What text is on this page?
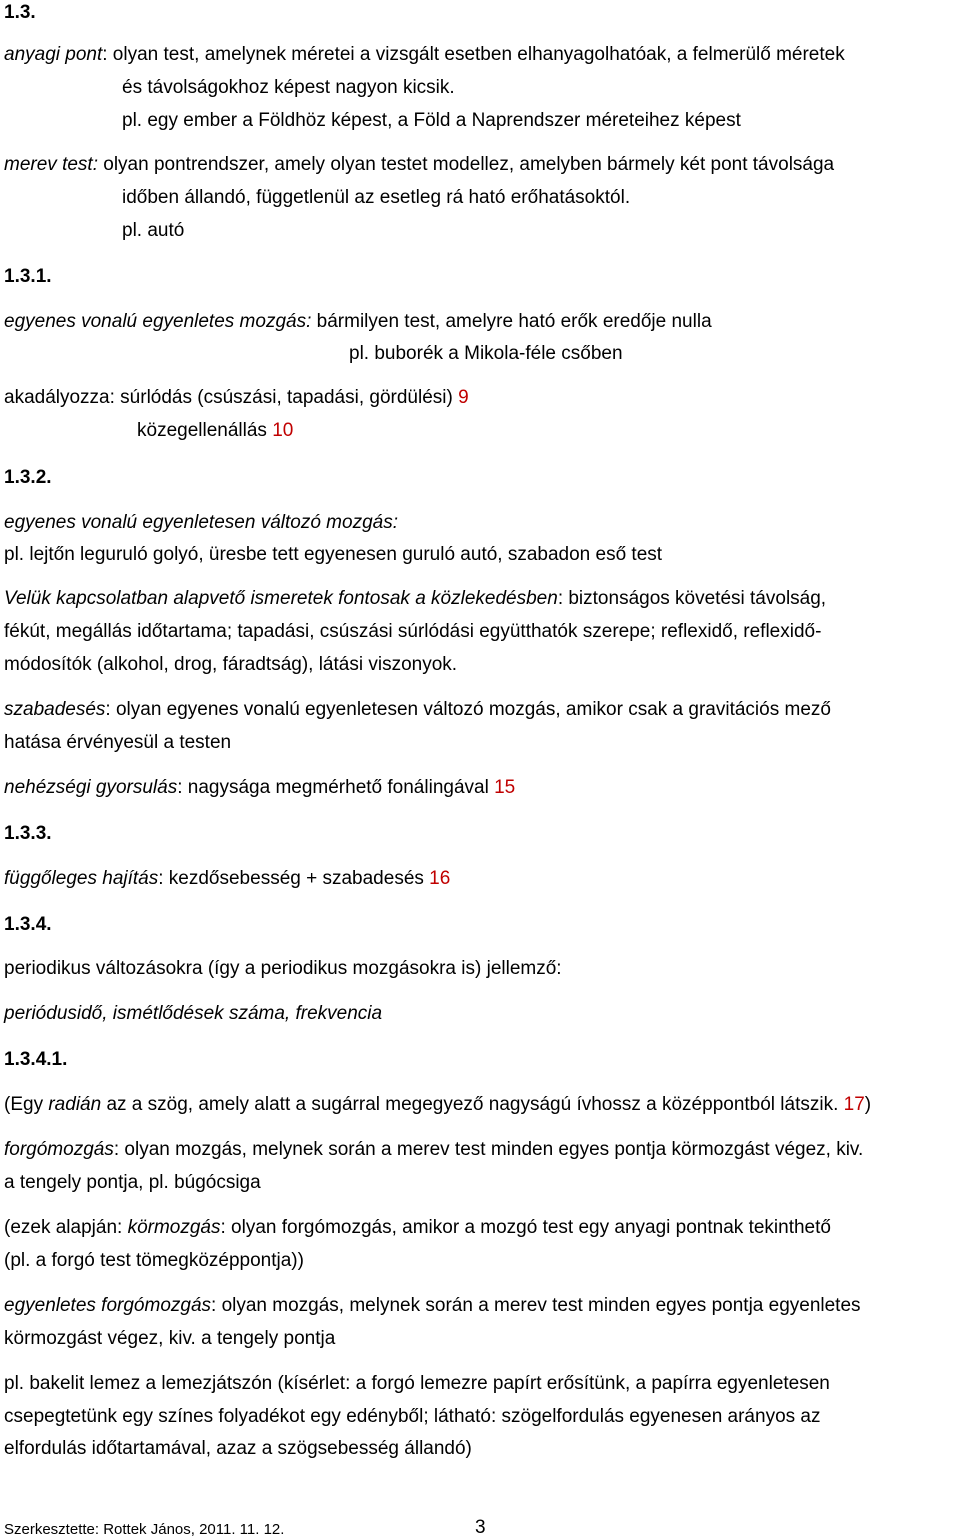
1.3.
anyagi pont: olyan test, amelynek méretei a vizsgált esetben elhanyagolhatóak, a felmerülő méretek
és távolságokhoz képest nagyon kicsik.
pl. egy ember a Földhöz képest, a Föld a Naprendszer méreteihez képest
merev test: olyan pontrendszer, amely olyan testet modellez, amelyben bármely két pont távolsága
időben állandó, függetlenül az esetleg rá ható erőhatásoktól.
pl. autó
1.3.1.
egyenes vonalú egyenletes mozgás: bármilyen test, amelyre ható erők eredője nulla
pl. buborék a Mikola-féle csőben
akadályozza: súrlódás (csúszási, tapadási, gördülési) 9
közegellenállás 10
1.3.2.
egyenes vonalú egyenletesen változó mozgás:
pl. lejtőn leguruló golyó, üresbe tett egyenesen guruló autó, szabadon eső test
Velük kapcsolatban alapvető ismeretek fontosak a közlekedésben: biztonságos követési távolság,
fékút, megállás időtartama; tapadási, csúszási súrlódási együtthatók szerepe; reflexidő, reflexidő-
módosítók (alkohol, drog, fáradtság), látási viszonyok.
szabadesés: olyan egyenes vonalú egyenletesen változó mozgás, amikor csak a gravitációs mező
hatása érvényesül a testen
nehézségi gyorsulás: nagysága megmérhető fonálingával 15
1.3.3.
függőleges hajítás: kezdősebesség + szabadesés 16
1.3.4.
periodikus változásokra (így a periodikus mozgásokra is) jellemző:
periódusidő, ismétlődések száma, frekvencia
1.3.4.1.
(Egy radián az a szög, amely alatt a sugárral megegyező nagyságú ívhossz a középpontból látszik. 17)
forgómozgás: olyan mozgás, melynek során a merev test minden egyes pontja körmozgást végez, kiv.
a tengely pontja, pl. búgócsiga
(ezek alapján: körmozgás: olyan forgómozgás, amikor a mozgó test egy anyagi pontnak tekinthető
(pl. a forgó test tömegközéppontja))
egyenletes forgómozgás: olyan mozgás, melynek során a merev test minden egyes pontja egyenletes
körmozgást végez, kiv. a tengely pontja
pl. bakelit lemez a lemezjátszón (kísérlet: a forgó lemezre papírt erősítünk, a papírra egyenletesen
csepegtetünk egy színes folyadékot egy edényből; látható: szögelfordulás egyenesen arányos az
elfordulás időtartamával, azaz a szögsebesség állandó)
Szerkesztette: Rottek János, 2011. 11. 12.	3
